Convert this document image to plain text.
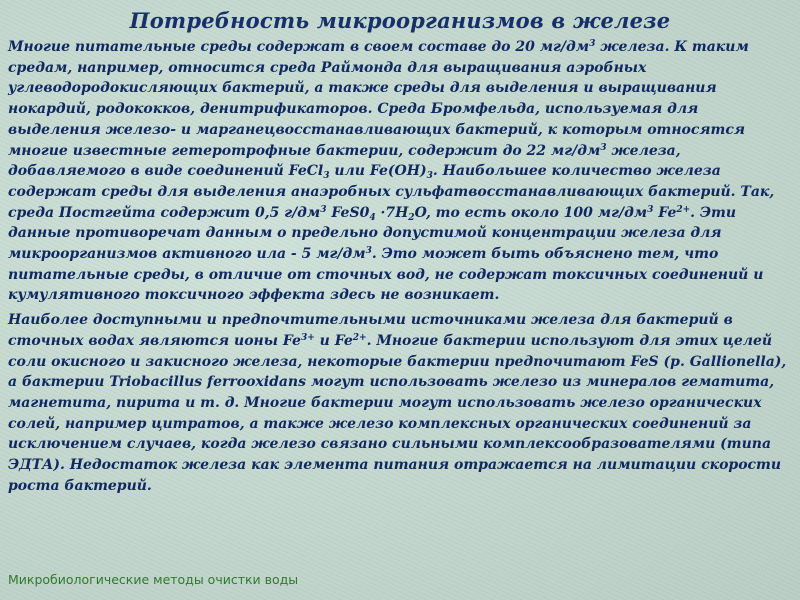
Потребность микроорганизмов в железе

Многие питательные среды содержат в своем составе до 20 $мг/дм^3$ железа. К таким средам, например, относится среда Раймонда для выращивания аэробных углеводородокисляющих бактерий, а также среды для выделения и выращивания нокардий, родококков, денитрификаторов. Среда Бромфельда, используемая для выделения железо- и марганецвосстанавливающих бактерий, к которым относятся многие известные гетеротрофные бактерии, содержит до 22 $мг/дм^3$ железа, добавляемого в виде соединений FeCl$_3$ или $Fe(OH)_3$. Наибольшее количество железа содержат среды для выделения анаэробных сульфатвосстанавливающих бактерий. Так, среда Постгейта содержит 0,5 $г/дм^3$ $FeS0_4 \cdot 7H_2O$, то есть около 100 $мг/дм^3$ $Fe^{2+}$. Эти данные противоречат данным о предельно допустимой концентрации железа для микроорганизмов активного ила - 5 $мг/дм^3$. Это может быть объяснено тем, что питательные среды, в отличие от сточных вод, не содержат токсичных соединений и кумулятивного токсичного эффекта здесь не возникает.

Наиболее доступными и предпочтительными источниками железа для бактерий в сточных водах являются ионы $Fe^{3+}$ и $Fe^{2+}$. Многие бактерии используют для этих целей соли окисного и закисного железа, некоторые бактерии предпочитают FeS (р. Gallionella), а бактерии Triobacillus ferrooxidans могут использовать железо из минералов гематита, магнетита, пирита и т. д. Многие бактерии могут использовать железо органических солей, например цитратов, а также железо комплексных органических соединений за исключением случаев, когда железо связано сильными комплексообразователями (типа ЭДТА). Недостаток железа как элемента питания отражается на лимитации скорости роста бактерий.

Микробиологические методы очистки воды
